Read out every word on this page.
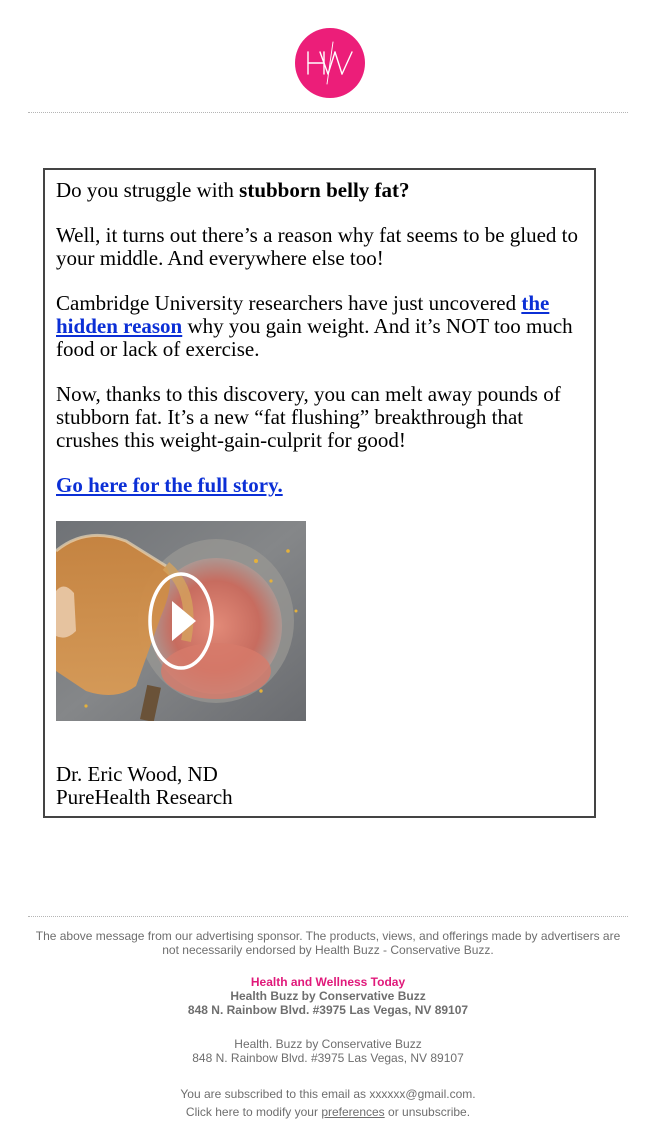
Do you struggle with stubborn belly fat?

Well, it turns out there’s a reason why fat seems to be glued to your middle. And everywhere else too!

Cambridge University researchers have just uncovered the hidden reason why you gain weight. And it’s NOT too much food or lack of exercise.

Now, thanks to this discovery, you can melt away pounds of stubborn fat. It’s a new “fat flushing” breakthrough that crushes this weight-gain-culprit for good!

Go here for the full story.

Dr. Eric Wood, ND
PureHealth Research
The above message from our advertising sponsor. The products, views, and offerings made by advertisers are not necessarily endorsed by Health Buzz - Conservative Buzz.
Health and Wellness Today
Health Buzz by Conservative Buzz
848 N. Rainbow Blvd. #3975 Las Vegas, NV 89107
Health. Buzz by Conservative Buzz
848 N. Rainbow Blvd. #3975 Las Vegas, NV 89107
You are subscribed to this email as xxxxxx@gmail.com.
Click here to modify your preferences or unsubscribe.
